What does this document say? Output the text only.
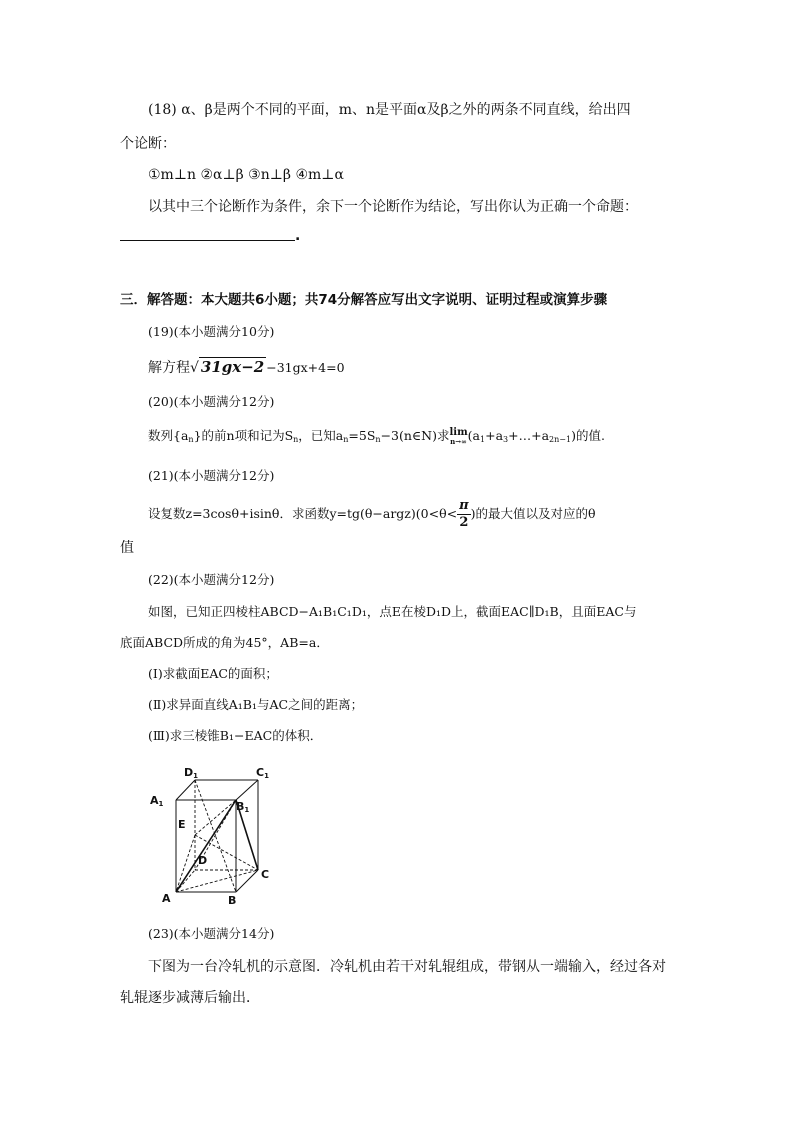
(18) α、β是两个不同的平面，m、n是平面α及β之外的两条不同直线，给出四
个论断：
①m⊥n ②α⊥β ③n⊥β ④m⊥α
以其中三个论断作为条件，余下一个论断作为结论，写出你认为正确一个命题：
.
三．解答题：本大题共6小题；共74分解答应写出文字说明、证明过程或演算步骤
(19)(本小题满分10分)
解方程√ 31gx−2 −31gx+4=0
(20)(本小题满分12分)
数列$\{a_n\}$的前n项和记为$S_n$，已知$a_n=5S_n-3(n\in N)$求lim
n→∞ $(a_1+a_3+\dots+a_{2n-1})$的值.
(21)(本小题满分12分)
设复数z=3cosθ+isinθ．求函数y=tg(θ−argz)(0<θ< $\frac{\pi}{2}$ )的最大值以及对应的θ
值
(22)(本小题满分12分)
如图，已知正四棱柱ABCD−A₁B₁C₁D₁，点E在棱D₁D上，截面EAC∥D₁B，且面EAC与
底面ABCD所成的角为45°，AB=a．
(Ⅰ)求截面EAC的面积；
(Ⅱ)求异面直线A₁B₁与AC之间的距离；
(Ⅲ)求三棱锥B₁−EAC的体积．
D1	C1
A1	B1
E
D
A	B
C
(23)(本小题满分14分)
下图为一台冷轧机的示意图．冷轧机由若干对轧辊组成，带钢从一端输入，经过各对
轧辊逐步减薄后输出．
